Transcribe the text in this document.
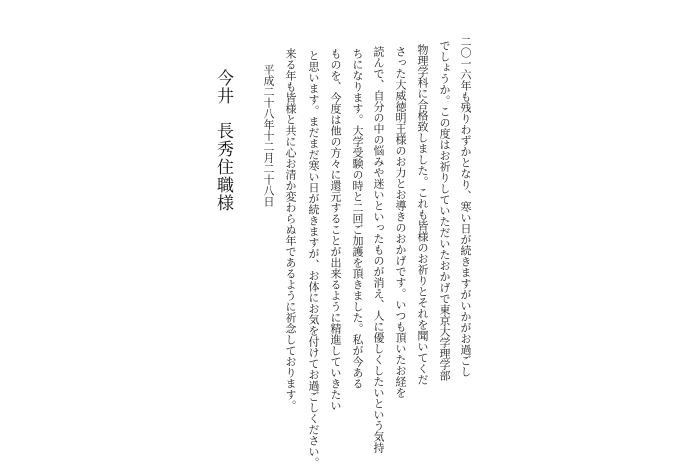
二〇一六年も残りわずかとなり、寒い日が続きますがいかがお過ごし
でしょうか。この度はお祈りしていただいたおかげで東京大学理学部
物理学科に合格致しました。これも皆様のお祈りとそれを聞いてくだ
さった大威徳明王様のお力とお導きのおかげです。いつも頂いたお経を
読んで、自分の中の悩みや迷いといったものが消え、人に優しくしたいという気持
ちになります。大学受験の時と二回ご加護を頂きました。私が今ある
ものを、今度は他の方々に還元することが出来るように精進していきたい
と思います。まだまだ寒い日が続きますが、お体にお気を付けてお過ごしください。
来る年も皆様と共に心お清か変わらぬ年であるように祈念しております。
平成二十八年十二月二十八日
今井
長秀住職様
